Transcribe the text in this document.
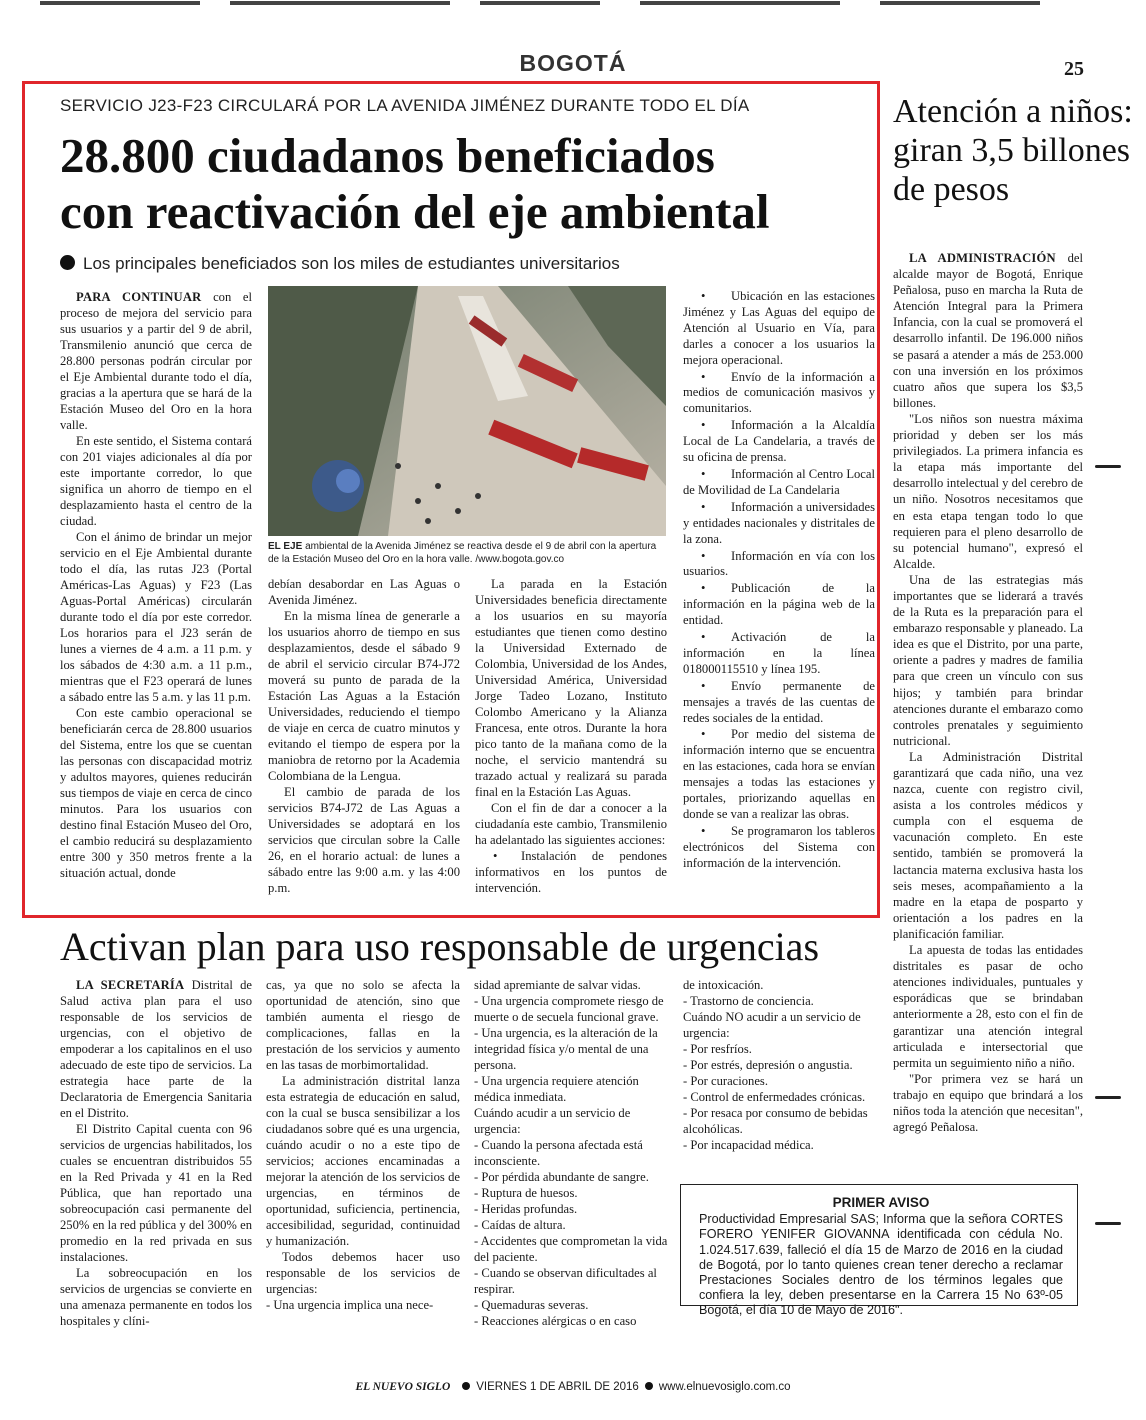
BOGOTÁ	25
SERVICIO J23-F23 CIRCULARÁ POR LA AVENIDA JIMÉNEZ DURANTE TODO EL DÍA
28.800 ciudadanos beneficiados
con reactivación del eje ambiental
Los principales beneficiados son los miles de estudiantes universitarios

PARA CONTINUAR con el proceso de mejora del servicio para sus usuarios y a partir del 9 de abril, Transmilenio anunció que cerca de 28.800 personas podrán circular por el Eje Ambiental durante todo el día, gracias a la apertura que se hará de la Estación Museo del Oro en la hora valle.

En este sentido, el Sistema contará con 201 viajes adicionales al día por este importante corredor, lo que significa un ahorro de tiempo en el desplazamiento hasta el centro de la ciudad.

Con el ánimo de brindar un mejor servicio en el Eje Ambiental durante todo el día, las rutas J23 (Portal Américas-Las Aguas) y F23 (Las Aguas-Portal Américas) circularán durante todo el día por este corredor. Los horarios para el J23 serán de lunes a viernes de 4 a.m. a 11 p.m. y los sábados de 4:30 a.m. a 11 p.m., mientras que el F23 operará de lunes a sábado entre las 5 a.m. y las 11 p.m.

Con este cambio operacional se beneficiarán cerca de 28.800 usuarios del Sistema, entre los que se cuentan las personas con discapacidad motriz y adultos mayores, quienes reducirán sus tiempos de viaje en cerca de cinco minutos. Para los usuarios con destino final Estación Museo del Oro, el cambio reducirá su desplazamiento entre 300 y 350 metros frente a la situación actual, donde

EL EJE ambiental de la Avenida Jiménez se reactiva desde el 9 de abril con la apertura de la Estación Museo del Oro en la hora valle. /www.bogota.gov.co

debían desabordar en Las Aguas o Avenida Jiménez.

En la misma línea de generarle a los usuarios ahorro de tiempo en sus desplazamientos, desde el sábado 9 de abril el servicio circular B74-J72 moverá su punto de parada de la Estación Las Aguas a la Estación Universidades, reduciendo el tiempo de viaje en cerca de cuatro minutos y evitando el tiempo de espera por la maniobra de retorno por la Academia Colombiana de la Lengua.

El cambio de parada de los servicios B74-J72 de Las Aguas a Universidades se adoptará en los servicios que circulan sobre la Calle 26, en el horario actual: de lunes a sábado entre las 9:00 a.m. y las 4:00 p.m.

La parada en la Estación Universidades beneficia directamente a los usuarios en su mayoría estudiantes que tienen como destino la Universidad Externado de Colombia, Universidad de los Andes, Universidad América, Universidad Jorge Tadeo Lozano, Instituto Colombo Americano y la Alianza Francesa, ente otros. Durante la hora pico tanto de la mañana como de la noche, el servicio mantendrá su trazado actual y realizará su parada final en la Estación Las Aguas.

Con el fin de dar a conocer a la ciudadanía este cambio, Transmilenio ha adelantado las siguientes acciones:

• Instalación de pendones informativos en los puntos de intervención.

• Ubicación en las estaciones Jiménez y Las Aguas del equipo de Atención al Usuario en Vía, para darles a conocer a los usuarios la mejora operacional.
• Envío de la información a medios de comunicación masivos y comunitarios.
• Información a la Alcaldía Local de La Candelaria, a través de su oficina de prensa.
• Información al Centro Local de Movilidad de La Candelaria
• Información a universidades y entidades nacionales y distritales de la zona.
• Información en vía con los usuarios.
• Publicación de la información en la página web de la entidad.
• Activación de la información en la línea 018000115510 y línea 195.
• Envío permanente de mensajes a través de las cuentas de redes sociales de la entidad.
• Por medio del sistema de información interno que se encuentra en las estaciones, cada hora se envían mensajes a todas las estaciones y portales, priorizando aquellas en donde se van a realizar las obras.
• Se programaron los tableros electrónicos del Sistema con información de la intervención.
Atención a niños: giran 3,5 billones de pesos

LA ADMINISTRACIÓN del alcalde mayor de Bogotá, Enrique Peñalosa, puso en marcha la Ruta de Atención Integral para la Primera Infancia, con la cual se promoverá el desarrollo infantil. De 196.000 niños se pasará a atender a más de 253.000 con una inversión en los próximos cuatro años que supera los $3,5 billones.

"Los niños son nuestra máxima prioridad y deben ser los más privilegiados. La primera infancia es la etapa más importante del desarrollo intelectual y del cerebro de un niño. Nosotros necesitamos que en esta etapa tengan todo lo que requieren para el pleno desarrollo de su potencial humano", expresó el Alcalde.

Una de las estrategias más importantes que se liderará a través de la Ruta es la preparación para el embarazo responsable y planeado. La idea es que el Distrito, por una parte, oriente a padres y madres de familia para que creen un vínculo con sus hijos; y también para brindar atenciones durante el embarazo como controles prenatales y seguimiento nutricional.

La Administración Distrital garantizará que cada niño, una vez nazca, cuente con registro civil, asista a los controles médicos y cumpla con el esquema de vacunación completo. En este sentido, también se promoverá la lactancia materna exclusiva hasta los seis meses, acompañamiento a la madre en la etapa de posparto y orientación a los padres en la planificación familiar.

La apuesta de todas las entidades distritales es pasar de ocho atenciones individuales, puntuales y esporádicas que se brindaban anteriormente a 28, esto con el fin de garantizar una atención integral articulada e intersectorial que permita un seguimiento niño a niño.

"Por primera vez se hará un trabajo en equipo que brindará a los niños toda la atención que necesitan", agregó Peñalosa.

Activan plan para uso responsable de urgencias

LA SECRETARÍA Distrital de Salud activa plan para el uso responsable de los servicios de urgencias, con el objetivo de empoderar a los capitalinos en el uso adecuado de este tipo de servicios. La estrategia hace parte de la Declaratoria de Emergencia Sanitaria en el Distrito.

El Distrito Capital cuenta con 96 servicios de urgencias habilitados, los cuales se encuentran distribuidos 55 en la Red Privada y 41 en la Red Pública, que han reportado una sobreocupación casi permanente del 250% en la red pública y del 300% en promedio en la red privada en sus instalaciones.

La sobreocupación en los servicios de urgencias se convierte en una amenaza permanente en todos los hospitales y clíni-

cas, ya que no solo se afecta la oportunidad de atención, sino que también aumenta el riesgo de complicaciones, fallas en la prestación de los servicios y aumento en las tasas de morbimortalidad.

La administración distrital lanza esta estrategia de educación en salud, con la cual se busca sensibilizar a los ciudadanos sobre qué es una urgencia, cuándo acudir o no a este tipo de servicios; acciones encaminadas a mejorar la atención de los servicios de urgencias, en términos de oportunidad, suficiencia, pertinencia, accesibilidad, seguridad, continuidad y humanización.

Todos debemos hacer uso responsable de los servicios de urgencias:

- Una urgencia implica una nece-

sidad apremiante de salvar vidas.
- Una urgencia compromete riesgo de muerte o de secuela funcional grave.
- Una urgencia, es la alteración de la integridad física y/o mental de una persona.
- Una urgencia requiere atención médica inmediata.
Cuándo acudir a un servicio de urgencia:
- Cuando la persona afectada está inconsciente.
- Por pérdida abundante de sangre.
- Ruptura de huesos.
- Heridas profundas.
- Caídas de altura.
- Accidentes que comprometan la vida del paciente.
- Cuando se observan dificultades al respirar.
- Quemaduras severas.
- Reacciones alérgicas o en caso
de intoxicación.
- Trastorno de conciencia.
Cuándo NO acudir a un servicio de urgencia:
- Por resfríos.
- Por estrés, depresión o angustia.
- Por curaciones.
- Control de enfermedades crónicas.
- Por resaca por consumo de bebidas alcohólicas.
- Por incapacidad médica.
PRIMER AVISO
Productividad Empresarial SAS; Informa que la señora CORTES FORERO YENIFER GIOVANNA identificada con cédula No. 1.024.517.639, falleció el día 15 de Marzo de 2016 en la ciudad de Bogotá, por lo tanto quienes crean tener derecho a reclamar Prestaciones Sociales dentro de los términos legales que confiera la ley, deben presentarse en la Carrera 15 No 63º-05 Bogotá, el día 10 de Mayo de 2016".
EL NUEVO SIGLO VIERNES 1 DE ABRIL DE 2016 www.elnuevosiglo.com.co
